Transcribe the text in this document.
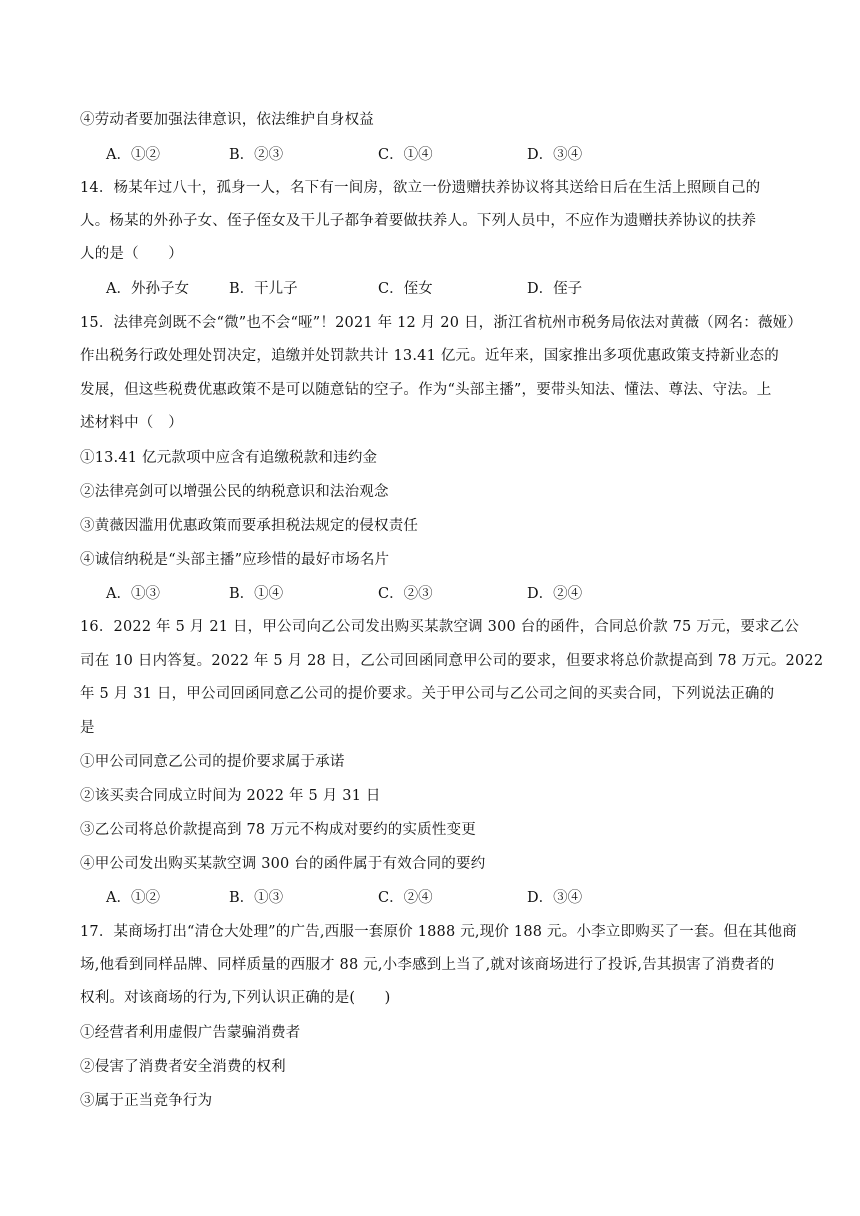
④劳动者要加强法律意识，依法维护自身权益
A．①②	B．②③	C．①④	D．③④
14．杨某年过八十，孤身一人，名下有一间房，欲立一份遗赠扶养协议将其送给日后在生活上照顾自己的
人。杨某的外孙子女、侄子侄女及干儿子都争着要做扶养人。下列人员中，不应作为遗赠扶养协议的扶养
人的是（　　）
A．外孙子女	B．干儿子	C．侄女	D．侄子
15．法律亮剑既不会“微”也不会“哑”！2021 年 12 月 20 日，浙江省杭州市税务局依法对黄薇（网名：薇娅）
作出税务行政处理处罚决定，追缴并处罚款共计 13.41 亿元。近年来，国家推出多项优惠政策支持新业态的
发展，但这些税费优惠政策不是可以随意钻的空子。作为“头部主播”，要带头知法、懂法、尊法、守法。上
述材料中（　）
①13.41 亿元款项中应含有追缴税款和违约金
②法律亮剑可以增强公民的纳税意识和法治观念
③黄薇因滥用优惠政策而要承担税法规定的侵权责任
④诚信纳税是“头部主播”应珍惜的最好市场名片
A．①③	B．①④	C．②③	D．②④
16．2022 年 5 月 21 日，甲公司向乙公司发出购买某款空调 300 台的函件，合同总价款 75 万元，要求乙公
司在 10 日内答复。2022 年 5 月 28 日，乙公司回函同意甲公司的要求，但要求将总价款提高到 78 万元。2022
年 5 月 31 日，甲公司回函同意乙公司的提价要求。关于甲公司与乙公司之间的买卖合同，下列说法正确的
是
①甲公司同意乙公司的提价要求属于承诺
②该买卖合同成立时间为 2022 年 5 月 31 日
③乙公司将总价款提高到 78 万元不构成对要约的实质性变更
④甲公司发出购买某款空调 300 台的函件属于有效合同的要约
A．①②	B．①③	C．②④	D．③④
17．某商场打出“清仓大处理”的广告,西服一套原价 1888 元,现价 188 元。小李立即购买了一套。但在其他商
场,他看到同样品牌、同样质量的西服才 88 元,小李感到上当了,就对该商场进行了投诉,告其损害了消费者的
权利。对该商场的行为,下列认识正确的是(　　)
①经营者利用虚假广告蒙骗消费者
②侵害了消费者安全消费的权利
③属于正当竞争行为
